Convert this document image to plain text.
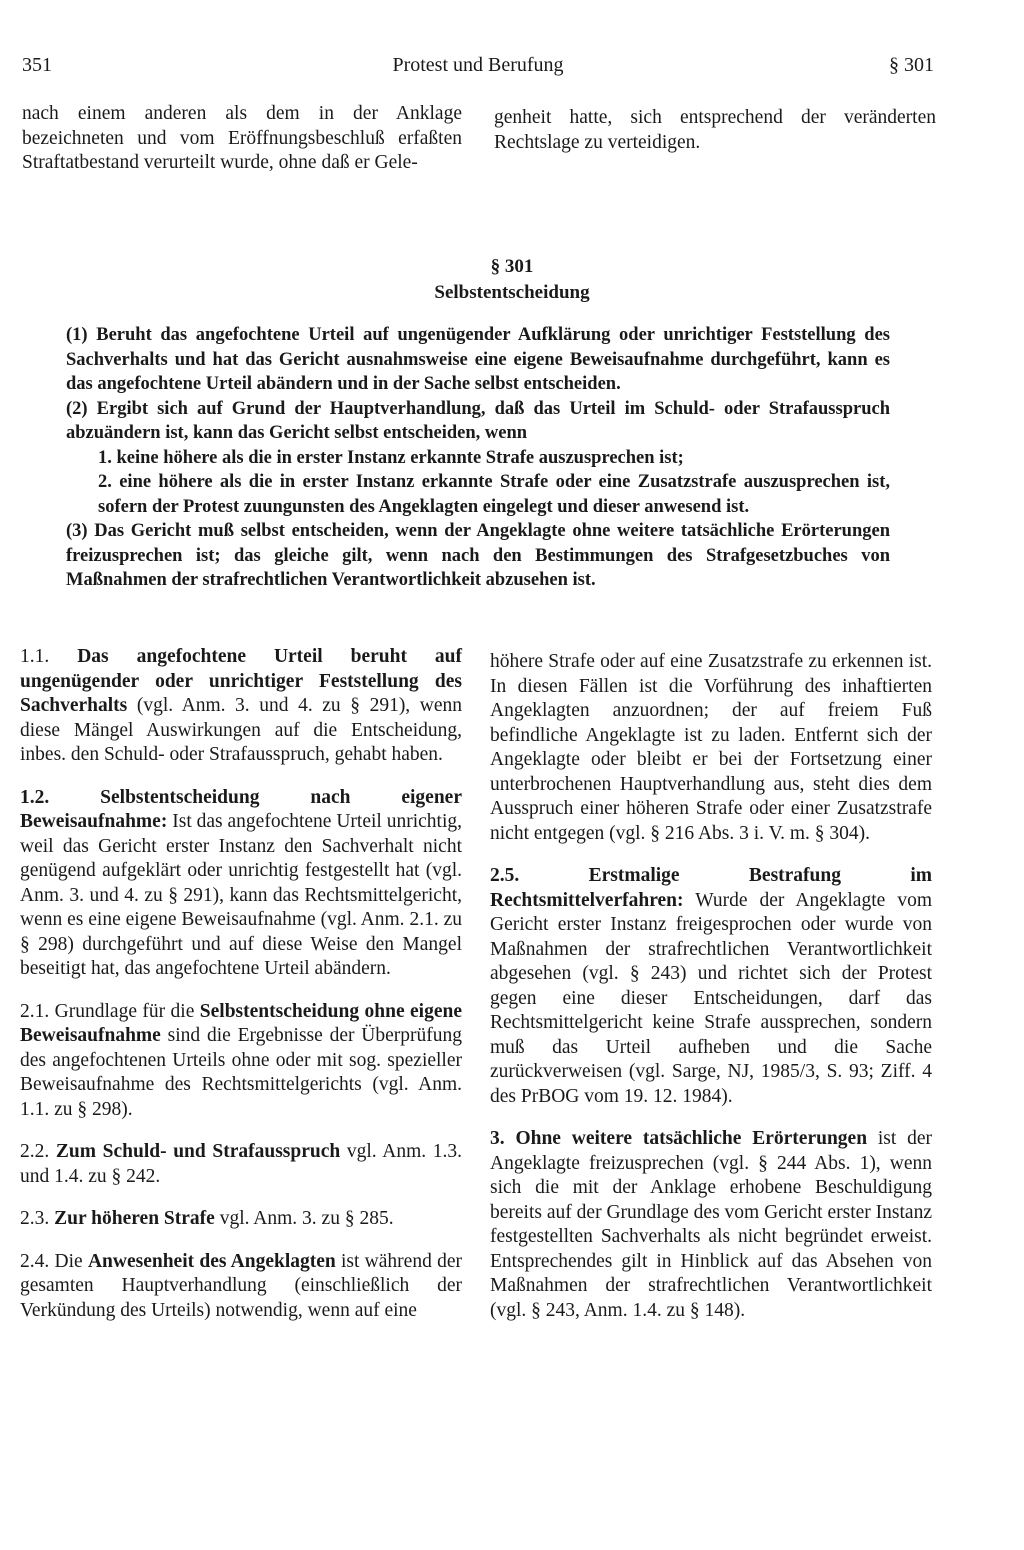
351	Protest und Berufung	§ 301

nach einem anderen als dem in der Anklage bezeichneten und vom Eröffnungsbeschluß erfaßten Straftatbestand verurteilt wurde, ohne daß er Gele-

genheit hatte, sich entsprechend der veränderten Rechtslage zu verteidigen.

§ 301
Selbstentscheidung

(1) Beruht das angefochtene Urteil auf ungenügender Aufklärung oder unrichtiger Feststellung des Sachverhalts und hat das Gericht ausnahmsweise eine eigene Beweisaufnahme durchgeführt, kann es das angefochtene Urteil abändern und in der Sache selbst entscheiden.

(2) Ergibt sich auf Grund der Hauptverhandlung, daß das Urteil im Schuld- oder Strafausspruch abzuändern ist, kann das Gericht selbst entscheiden, wenn

1. keine höhere als die in erster Instanz erkannte Strafe auszusprechen ist;

2. eine höhere als die in erster Instanz erkannte Strafe oder eine Zusatzstrafe auszusprechen ist, sofern der Protest zuungunsten des Angeklagten eingelegt und dieser anwesend ist.

(3) Das Gericht muß selbst entscheiden, wenn der Angeklagte ohne weitere tatsächliche Erörterungen freizusprechen ist; das gleiche gilt, wenn nach den Bestimmungen des Strafgesetzbuches von Maßnahmen der strafrechtlichen Verantwortlichkeit abzusehen ist.

1.1. Das angefochtene Urteil beruht auf ungenügender oder unrichtiger Feststellung des Sachverhalts (vgl. Anm. 3. und 4. zu § 291), wenn diese Mängel Auswirkungen auf die Entscheidung, inbes. den Schuld- oder Strafausspruch, gehabt haben.

1.2. Selbstentscheidung nach eigener Beweisaufnahme: Ist das angefochtene Urteil unrichtig, weil das Gericht erster Instanz den Sachverhalt nicht genügend aufgeklärt oder unrichtig festgestellt hat (vgl. Anm. 3. und 4. zu § 291), kann das Rechtsmittelgericht, wenn es eine eigene Beweisaufnahme (vgl. Anm. 2.1. zu § 298) durchgeführt und auf diese Weise den Mangel beseitigt hat, das angefochtene Urteil abändern.

2.1. Grundlage für die Selbstentscheidung ohne eigene Beweisaufnahme sind die Ergebnisse der Überprüfung des angefochtenen Urteils ohne oder mit sog. spezieller Beweisaufnahme des Rechtsmittelgerichts (vgl. Anm. 1.1. zu § 298).

2.2. Zum Schuld- und Strafausspruch vgl. Anm. 1.3. und 1.4. zu § 242.

2.3. Zur höheren Strafe vgl. Anm. 3. zu § 285.

2.4. Die Anwesenheit des Angeklagten ist während der gesamten Hauptverhandlung (einschließlich der Verkündung des Urteils) notwendig, wenn auf eine

höhere Strafe oder auf eine Zusatzstrafe zu erkennen ist. In diesen Fällen ist die Vorführung des inhaftierten Angeklagten anzuordnen; der auf freiem Fuß befindliche Angeklagte ist zu laden. Entfernt sich der Angeklagte oder bleibt er bei der Fortsetzung einer unterbrochenen Hauptverhandlung aus, steht dies dem Ausspruch einer höheren Strafe oder einer Zusatzstrafe nicht entgegen (vgl. § 216 Abs. 3 i. V. m. § 304).

2.5. Erstmalige Bestrafung im Rechtsmittelverfahren: Wurde der Angeklagte vom Gericht erster Instanz freigesprochen oder wurde von Maßnahmen der strafrechtlichen Verantwortlichkeit abgesehen (vgl. § 243) und richtet sich der Protest gegen eine dieser Entscheidungen, darf das Rechtsmittelgericht keine Strafe aussprechen, sondern muß das Urteil aufheben und die Sache zurückverweisen (vgl. Sarge, NJ, 1985/3, S. 93; Ziff. 4 des PrBOG vom 19. 12. 1984).

3. Ohne weitere tatsächliche Erörterungen ist der Angeklagte freizusprechen (vgl. § 244 Abs. 1), wenn sich die mit der Anklage erhobene Beschuldigung bereits auf der Grundlage des vom Gericht erster Instanz festgestellten Sachverhalts als nicht begründet erweist. Entsprechendes gilt in Hinblick auf das Absehen von Maßnahmen der strafrechtlichen Verantwortlichkeit (vgl. § 243, Anm. 1.4. zu § 148).
